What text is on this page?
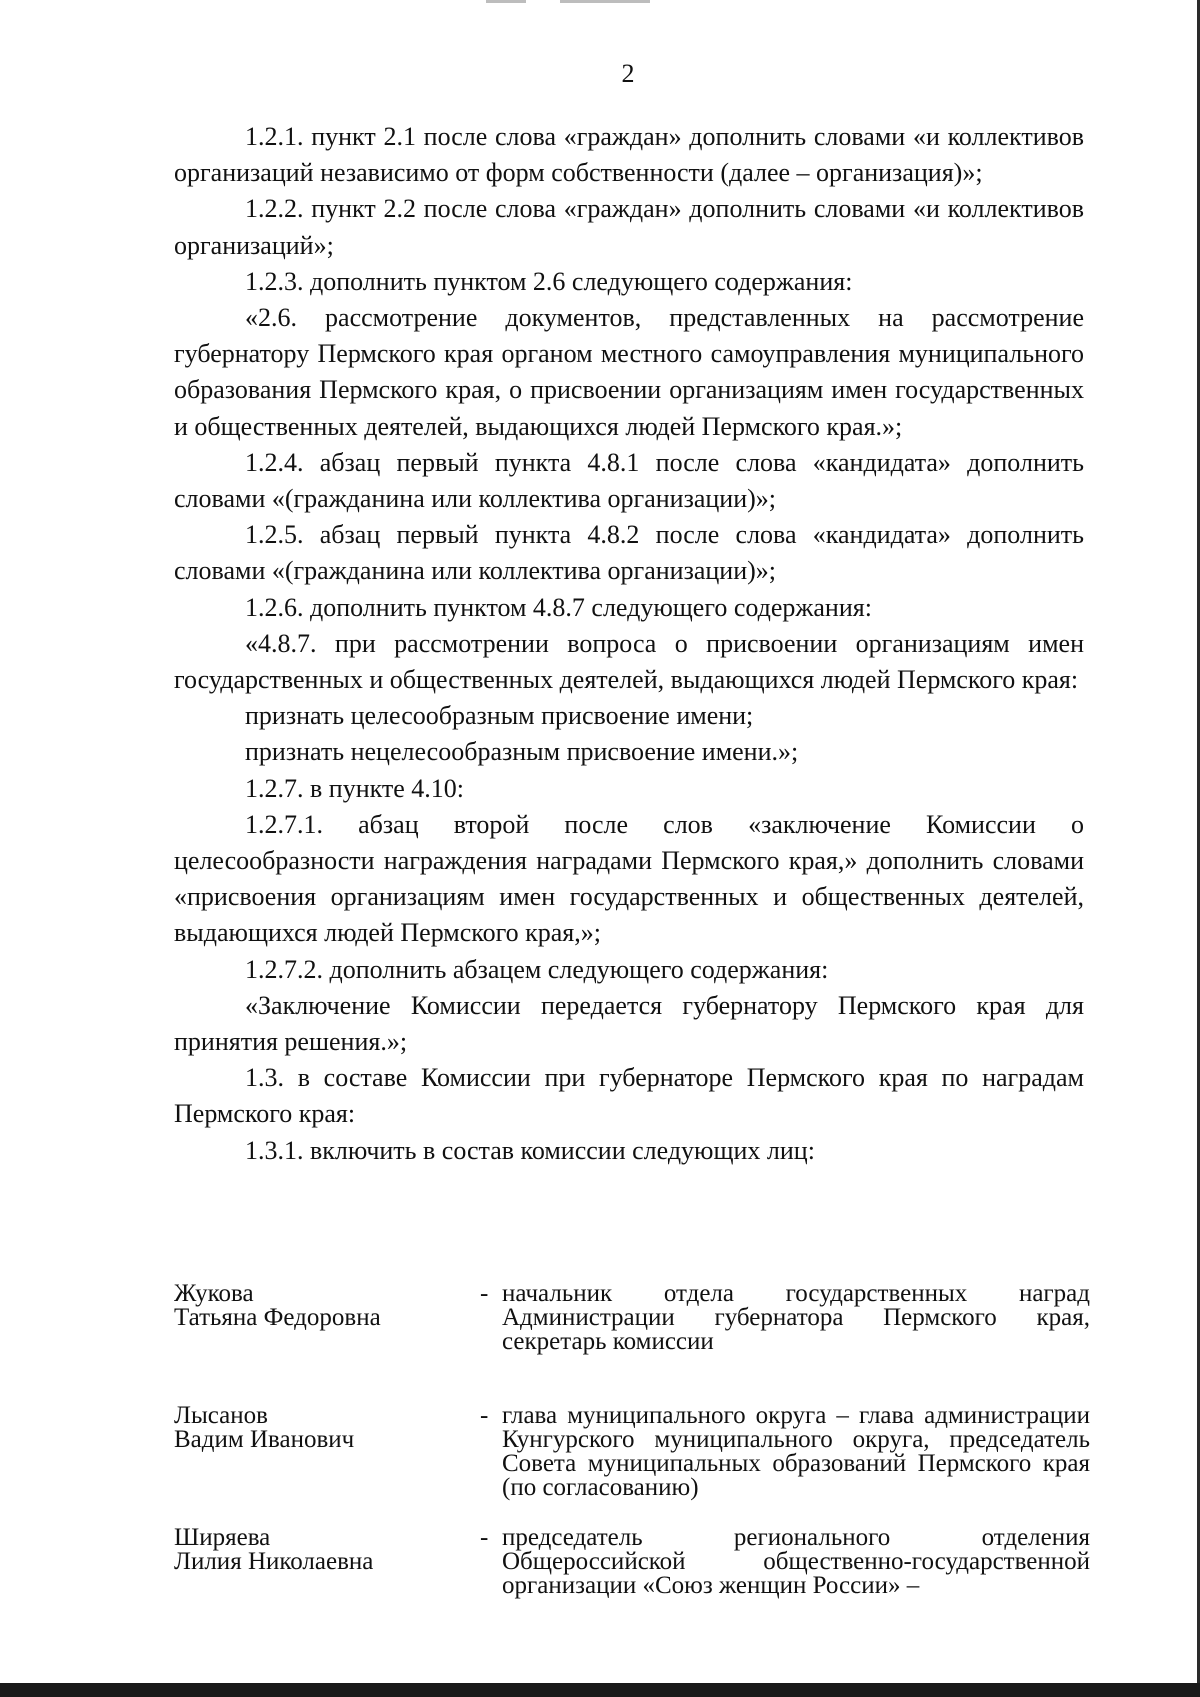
2

1.2.1. пункт 2.1 после слова «граждан» дополнить словами «и коллективов организаций независимо от форм собственности (далее – организация)»;

1.2.2. пункт 2.2 после слова «граждан» дополнить словами «и коллективов организаций»;

1.2.3. дополнить пунктом 2.6 следующего содержания:

«2.6. рассмотрение документов, представленных на рассмотрение губернатору Пермского края органом местного самоуправления муниципального образования Пермского края, о присвоении организациям имен государственных и общественных деятелей, выдающихся людей Пермского края.»;

1.2.4. абзац первый пункта 4.8.1 после слова «кандидата» дополнить словами «(гражданина или коллектива организации)»;

1.2.5. абзац первый пункта 4.8.2 после слова «кандидата» дополнить словами «(гражданина или коллектива организации)»;

1.2.6. дополнить пунктом 4.8.7 следующего содержания:

«4.8.7. при рассмотрении вопроса о присвоении организациям имен государственных и общественных деятелей, выдающихся людей Пермского края:

признать целесообразным присвоение имени;

признать нецелесообразным присвоение имени.»;

1.2.7. в пункте 4.10:

1.2.7.1. абзац второй после слов «заключение Комиссии о целесообразности награждения наградами Пермского края,» дополнить словами «присвоения организациям имен государственных и общественных деятелей, выдающихся людей Пермского края,»;

1.2.7.2. дополнить абзацем следующего содержания:

«Заключение Комиссии передается губернатору Пермского края для принятия решения.»;

1.3. в составе Комиссии при губернаторе Пермского края по наградам Пермского края:

1.3.1. включить в состав комиссии следующих лиц:

Жукова
Татьяна Федоровна
- начальник отдела государственных наград Администрации губернатора Пермского края, секретарь комиссии
Лысанов
Вадим Иванович
- глава муниципального округа – глава администрации Кунгурского муниципального округа, председатель Совета муниципальных образований Пермского края (по согласованию)
Ширяева
Лилия Николаевна
- председатель регионального отделения Общероссийской общественно-государственной организации «Союз женщин России» –
